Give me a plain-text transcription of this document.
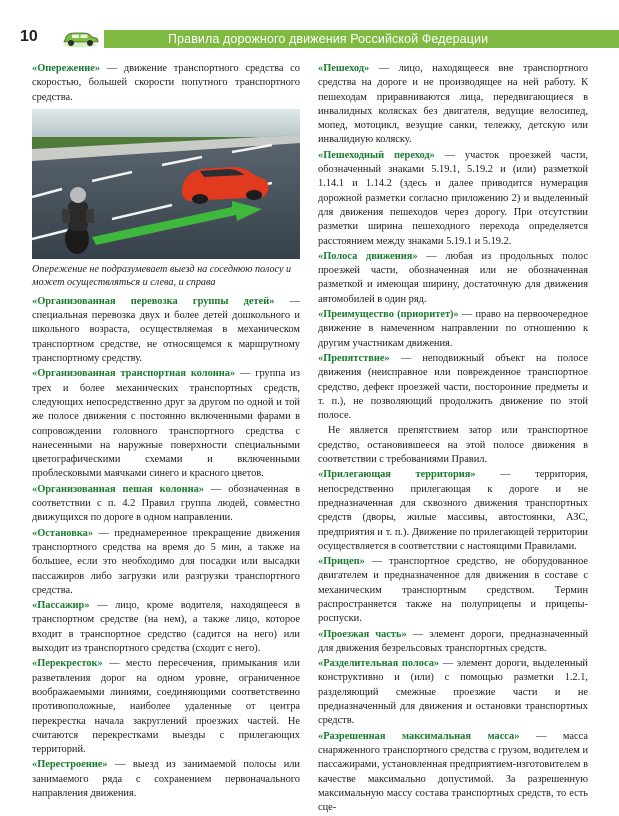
10	Правила дорожного движения Российской Федерации
«Опережение» — движение транспортного средства со скоростью, большей скорости попутного транспортного средства.
Опережение не подразумевает выезд на соседнюю полосу и может осуществляться и слева, и справа
«Организованная перевозка группы детей» — специальная перевозка двух и более детей дошкольного и школьного возраста, осуществляемая в механическом транспортном средстве, не относящемся к маршрутному транспортному средству.
«Организованная транспортная колонна» — группа из трех и более механических транспортных средств, следующих непосредственно друг за другом по одной и той же полосе движения с постоянно включенными фарами в сопровождении головного транспортного средства с нанесенными на наружные поверхности специальными цветографическими схемами и включенными проблесковыми маячками синего и красного цветов.
«Организованная пешая колонна» — обозначенная в соответствии с п. 4.2 Правил группа людей, совместно движущихся по дороге в одном направлении.
«Остановка» — преднамеренное прекращение движения транспортного средства на время до 5 мин, а также на большее, если это необходимо для посадки или высадки пассажиров либо загрузки или разгрузки транспортного средства.
«Пассажир» — лицо, кроме водителя, находящееся в транспортном средстве (на нем), а также лицо, которое входит в транспортное средство (садится на него) или выходит из транспортного средства (сходит с него).
«Перекресток» — место пересечения, примыкания или разветвления дорог на одном уровне, ограниченное воображаемыми линиями, соединяющими соответственно противоположные, наиболее удаленные от центра перекрестка начала закруглений проезжих частей. Не считаются перекрестками выезды с прилегающих территорий.
«Перестроение» — выезд из занимаемой полосы или занимаемого ряда с сохранением первоначального направления движения.
«Пешеход» — лицо, находящееся вне транспортного средства на дороге и не производящее на ней работу. К пешеходам приравниваются лица, передвигающиеся в инвалидных колясках без двигателя, ведущие велосипед, мопед, мотоцикл, везущие санки, тележку, детскую или инвалидную коляску.
«Пешеходный переход» — участок проезжей части, обозначенный знаками 5.19.1, 5.19.2 и (или) разметкой 1.14.1 и 1.14.2 (здесь и далее приводится нумерация дорожной разметки согласно приложению 2) и выделенный для движения пешеходов через дорогу. При отсутствии разметки ширина пешеходного перехода определяется расстоянием между знаками 5.19.1 и 5.19.2.
«Полоса движения» — любая из продольных полос проезжей части, обозначенная или не обозначенная разметкой и имеющая ширину, достаточную для движения автомобилей в один ряд.
«Преимущество (приоритет)» — право на первоочередное движение в намеченном направлении по отношению к другим участникам движения.
«Препятствие» — неподвижный объект на полосе движения (неисправное или поврежденное транспортное средство, дефект проезжей части, посторонние предметы и т. п.), не позволяющий продолжить движение по этой полосе.
Не является препятствием затор или транспортное средство, остановившееся на этой полосе движения в соответствии с требованиями Правил.
«Прилегающая территория» — территория, непосредственно прилегающая к дороге и не предназначенная для сквозного движения транспортных средств (дворы, жилые массивы, автостоянки, АЗС, предприятия и т. п.). Движение по прилегающей территории осуществляется в соответствии с настоящими Правилами.
«Прицеп» — транспортное средство, не оборудованное двигателем и предназначенное для движения в составе с механическим транспортным средством. Термин распространяется также на полуприцепы и прицепы-роспуски.
«Проезжая часть» — элемент дороги, предназначенный для движения безрельсовых транспортных средств.
«Разделительная полоса» — элемент дороги, выделенный конструктивно и (или) с помощью разметки 1.2.1, разделяющий смежные проезжие части и не предназначенный для движения и остановки транспортных средств.
«Разрешенная максимальная масса» — масса снаряженного транспортного средства с грузом, водителем и пассажирами, установленная предприятием-изготовителем в качестве максимально допустимой. За разрешенную максимальную массу состава транспортных средств, то есть сце-
